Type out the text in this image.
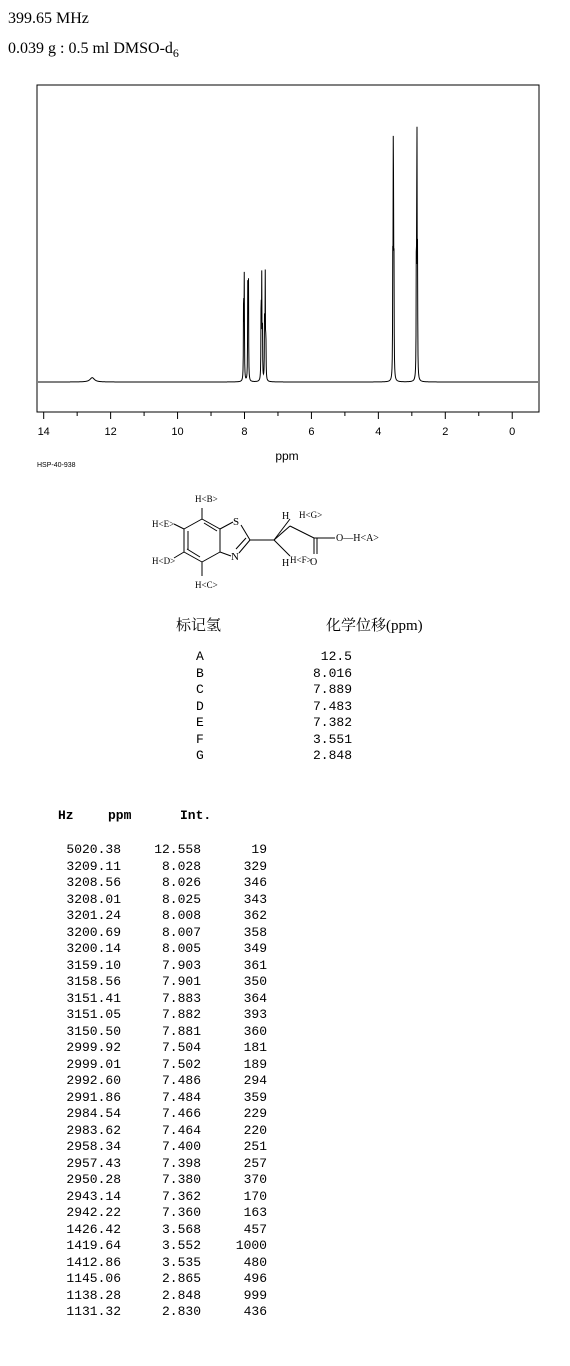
399.65 MHz
0.039 g : 0.5 ml DMSO-$d_6$
14	12	10	8	6	4	2	0
ppm
HSP-40-938
H<B>
H<E>
H<D>
H<C>
S
N
H H<G>
H H<F>
O
O—H<A>
标记氢	化学位移(ppm)
A	12.5
B	8.016
C	7.889
D	7.483
E	7.382
F	3.551
G	2.848
Hz	ppm	Int.
5020.38	12.558	19
3209.11	8.028	329
3208.56	8.026	346
3208.01	8.025	343
3201.24	8.008	362
3200.69	8.007	358
3200.14	8.005	349
3159.10	7.903	361
3158.56	7.901	350
3151.41	7.883	364
3151.05	7.882	393
3150.50	7.881	360
2999.92	7.504	181
2999.01	7.502	189
2992.60	7.486	294
2991.86	7.484	359
2984.54	7.466	229
2983.62	7.464	220
2958.34	7.400	251
2957.43	7.398	257
2950.28	7.380	370
2943.14	7.362	170
2942.22	7.360	163
1426.42	3.568	457
1419.64	3.552	1000
1412.86	3.535	480
1145.06	2.865	496
1138.28	2.848	999
1131.32	2.830	436
